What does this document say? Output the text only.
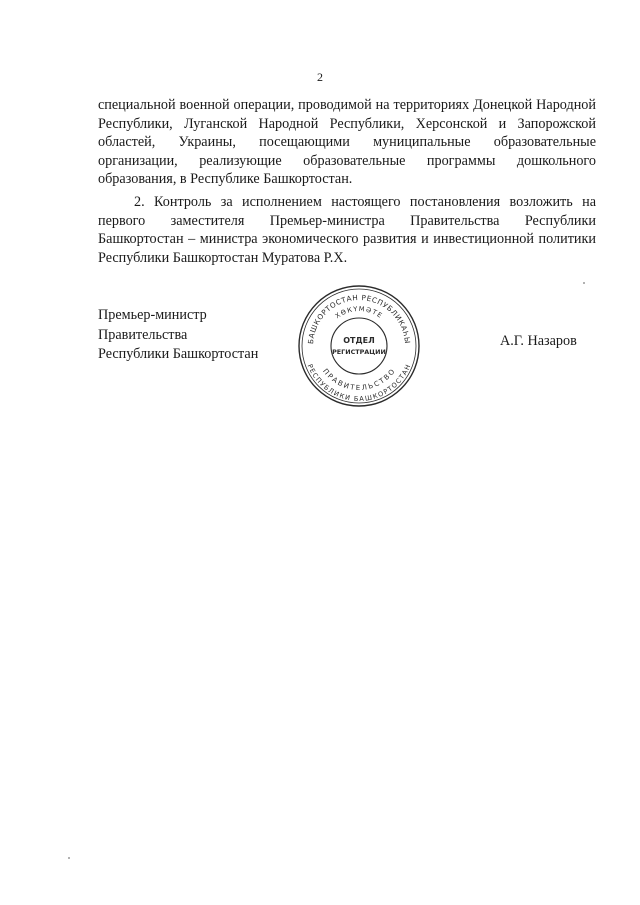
2

специальной военной операции, проводимой на территориях Донецкой Народной Республики, Луганской Народной Республики, Херсонской и Запорожской областей, Украины, посещающими муниципальные образовательные организации, реализующие образовательные программы дошкольного образования, в Республике Башкортостан.

2. Контроль за исполнением настоящего постановления возложить на первого заместителя Премьер-министра Правительства Республики Башкортостан – министра экономического развития и инвестиционной политики Республики Башкортостан Муратова Р.Х.

Премьер-министр
Правительства
Республики Башкортостан
БАШКОРТОСТАН РЕСПУБЛИКАҺЫ
ХӨКҮМӘТЕ
ПРАВИТЕЛЬСТВО
РЕСПУБЛИКИ БАШКОРТОСТАН
ОТДЕЛ
РЕГИСТРАЦИИ
А.Г. Назаров
